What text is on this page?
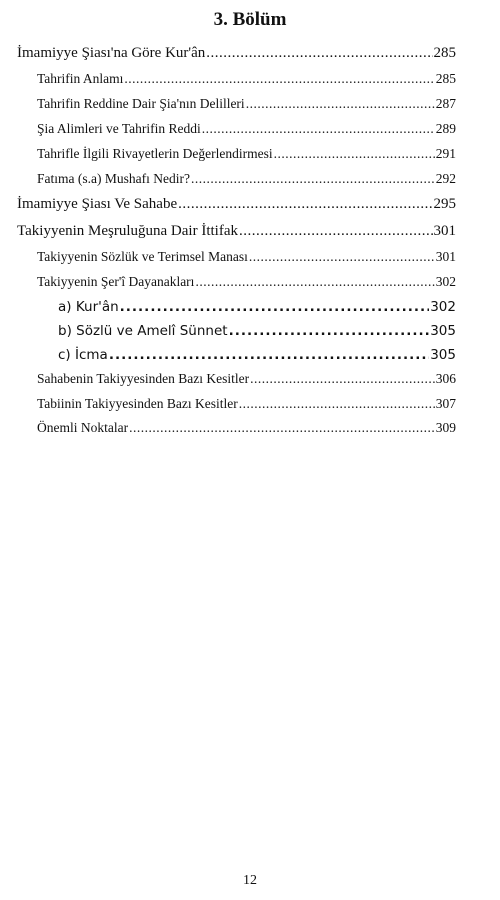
3. Bölüm
İmamiyye Şiası'na Göre Kur'ân .....	285
Tahrifin Anlamı .....	285
Tahrifin Reddine Dair Şia'nın Delilleri .....	287
Şia Alimleri ve Tahrifin Reddi .....	289
Tahrifle İlgili Rivayetlerin Değerlendirmesi .....	291
Fatıma (s.a) Mushafı Nedir? .....	292
İmamiyye Şiası Ve Sahabe .....	295
Takiyyenin Meşruluğuna Dair İttifak .....	301
Takiyyenin Sözlük ve Terimsel Manası .....	301
Takiyyenin Şer'î Dayanakları .....	302
a) Kur'ân .....	302
b) Sözlü ve Amelî Sünnet .....	305
c) İcma .....	305
Sahabenin Takiyyesinden Bazı Kesitler .....	306
Tabiinin Takiyyesinden Bazı Kesitler .....	307
Önemli Noktalar .....	309
12
